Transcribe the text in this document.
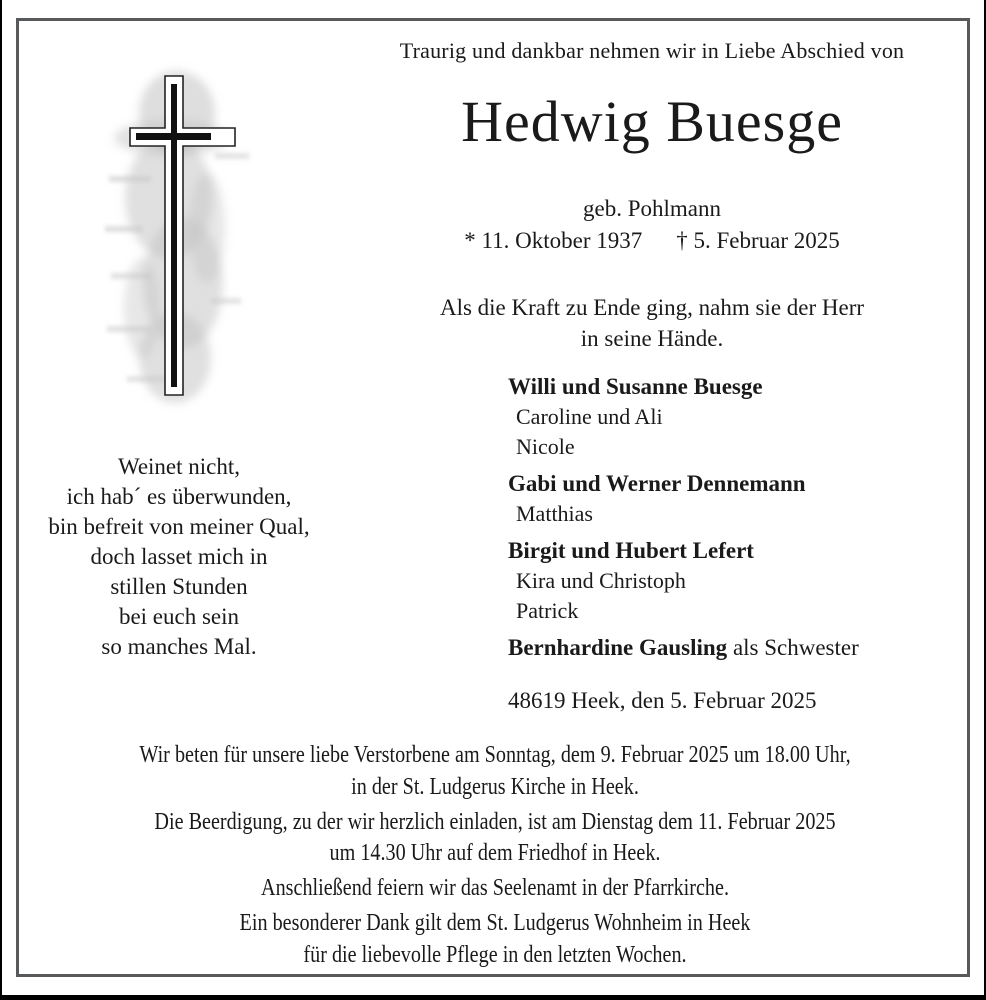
Traurig und dankbar nehmen wir in Liebe Abschied von
Hedwig Buesge
geb. Pohlmann
* 11. Oktober 1937 † 5. Februar 2025
Als die Kraft zu Ende ging, nahm sie der Herr
in seine Hände.
Weinet nicht,
ich hab´ es überwunden,
bin befreit von meiner Qual,
doch lasset mich in
stillen Stunden
bei euch sein
so manches Mal.
Willi und Susanne Buesge
Caroline und Ali
Nicole
Gabi und Werner Dennemann
Matthias
Birgit und Hubert Lefert
Kira und Christoph
Patrick
Bernhardine Gausling als Schwester
48619 Heek, den 5. Februar 2025
Wir beten für unsere liebe Verstorbene am Sonntag, dem 9. Februar 2025 um 18.00 Uhr,
in der St. Ludgerus Kirche in Heek.
Die Beerdigung, zu der wir herzlich einladen, ist am Dienstag dem 11. Februar 2025
um 14.30 Uhr auf dem Friedhof in Heek.
Anschließend feiern wir das Seelenamt in der Pfarrkirche.
Ein besonderer Dank gilt dem St. Ludgerus Wohnheim in Heek
für die liebevolle Pflege in den letzten Wochen.
